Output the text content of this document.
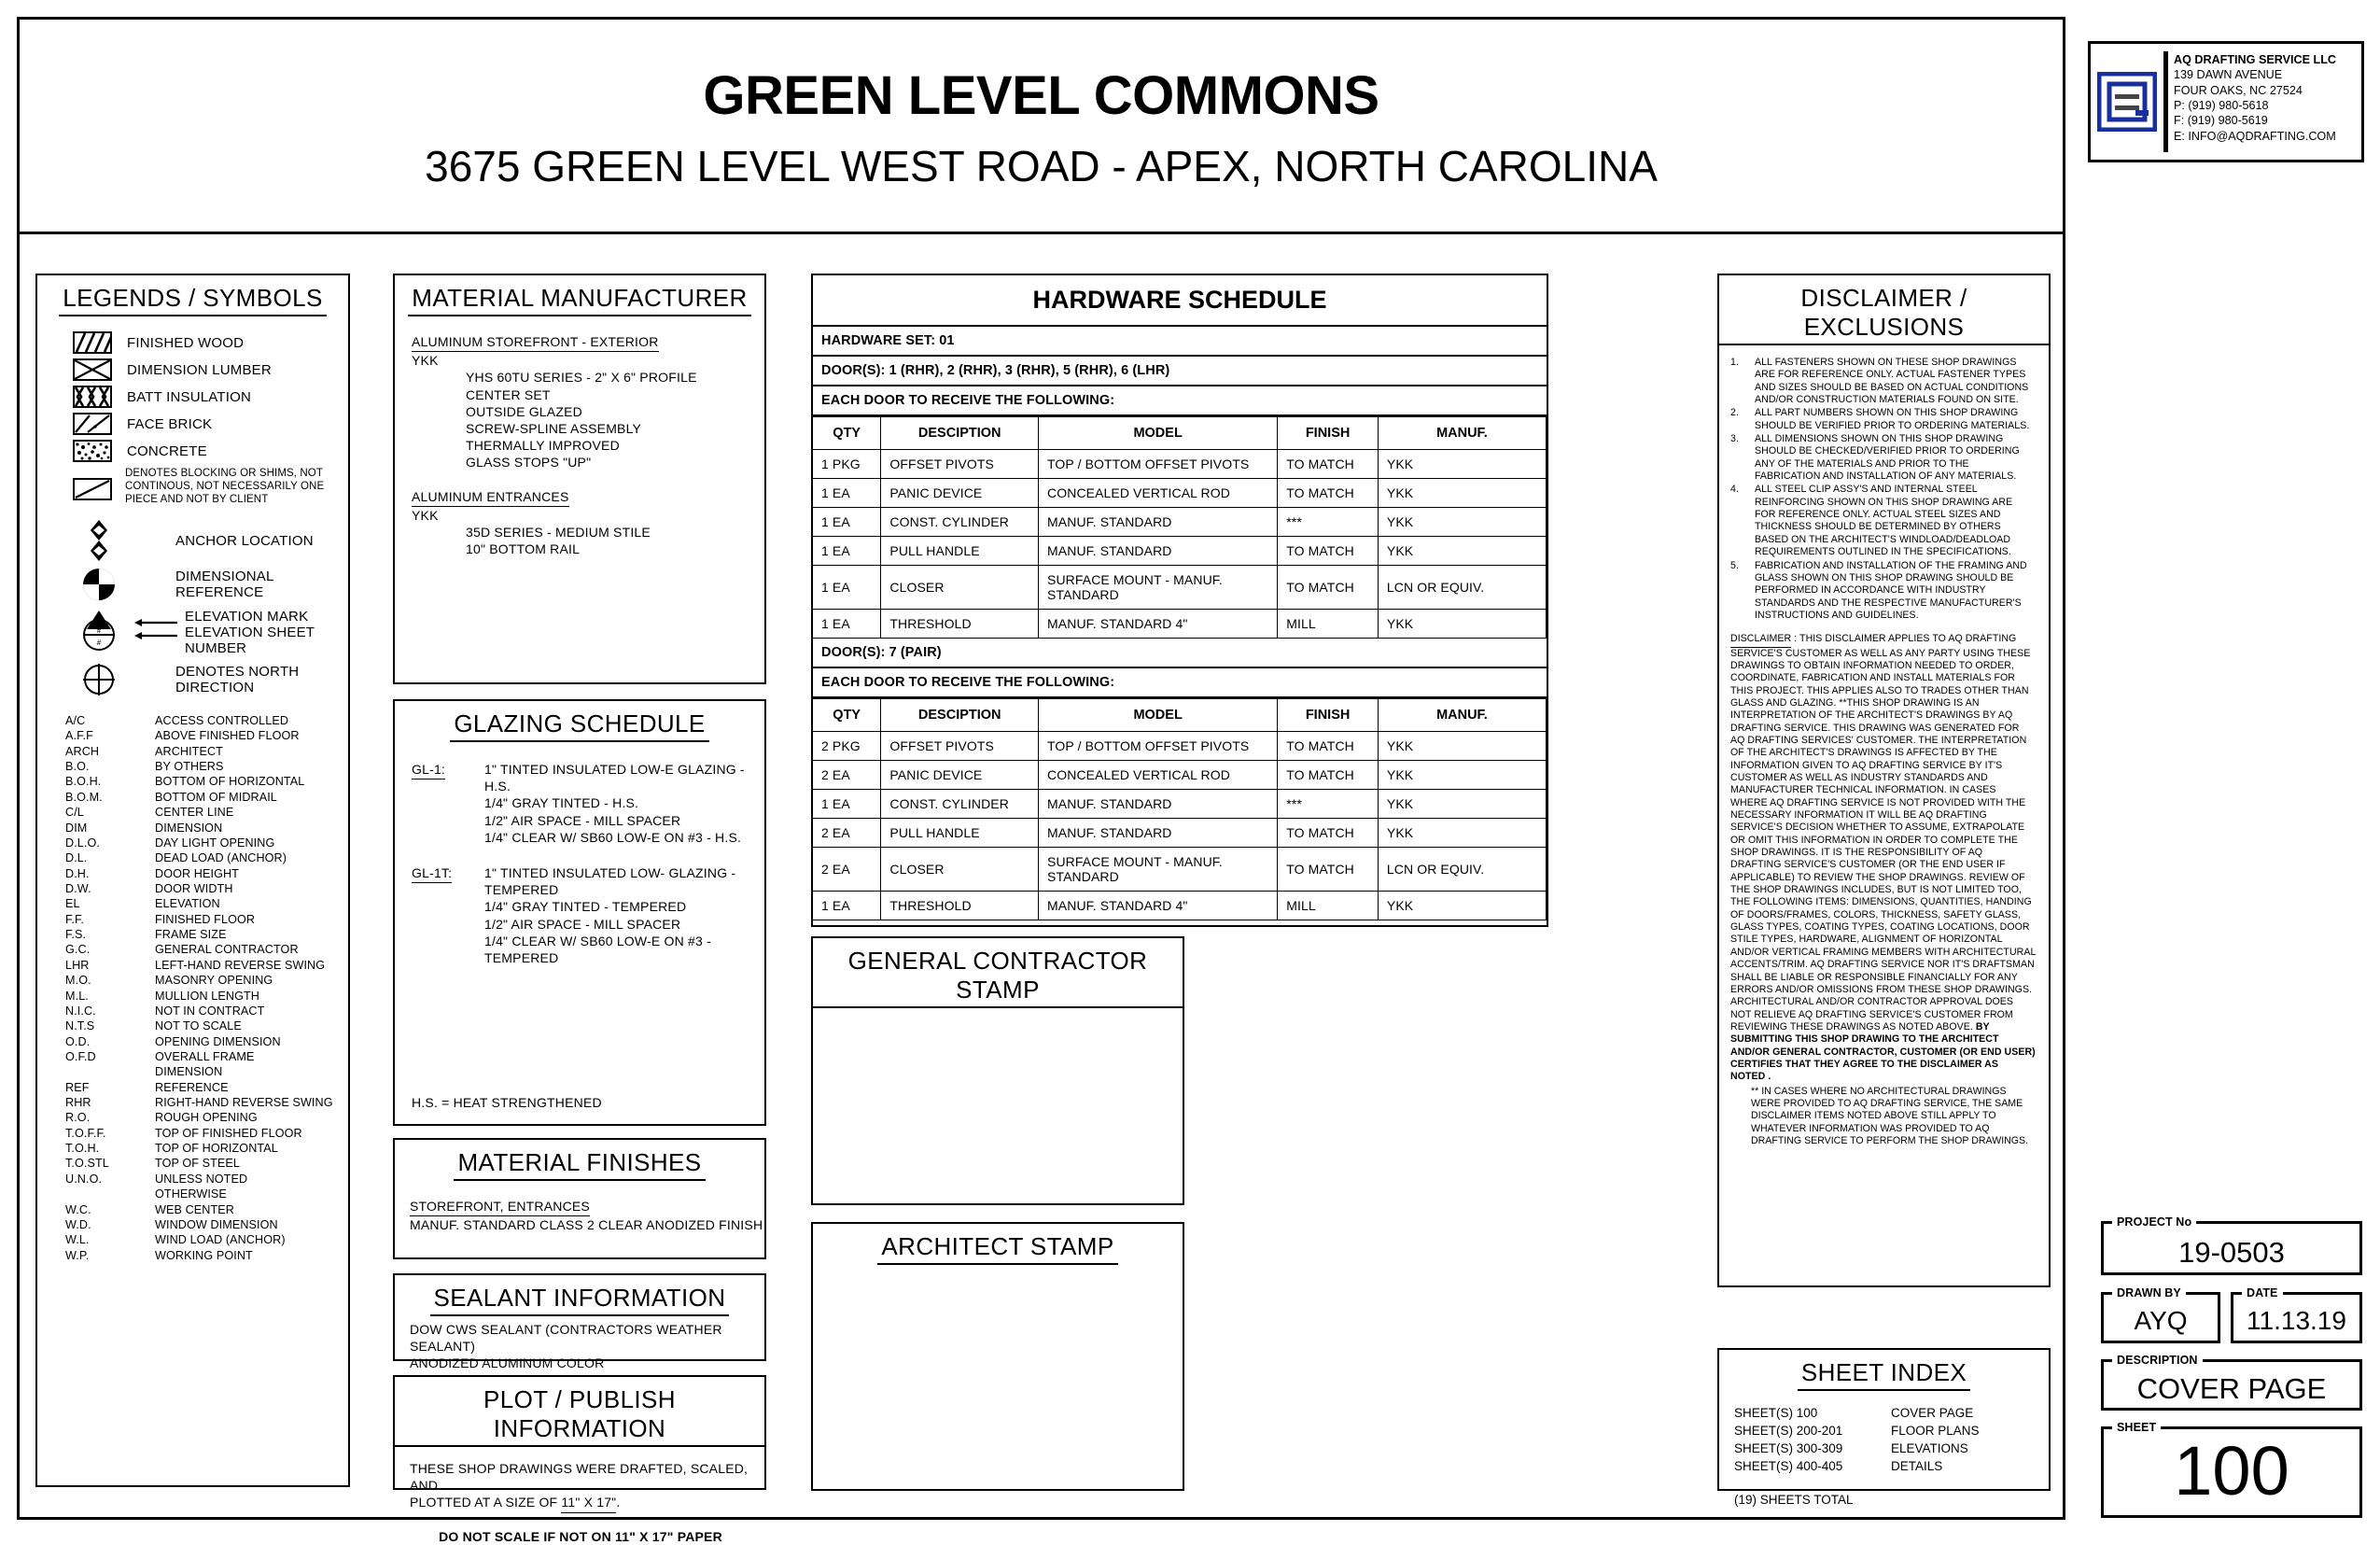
AQ DRAFTING SERVICE LLC
139 DAWN AVENUE
FOUR OAKS, NC 27524
P: (919) 980-5618
F: (919) 980-5619
E: INFO@AQDRAFTING.COM
GREEN LEVEL COMMONS
3675 GREEN LEVEL WEST ROAD - APEX, NORTH CAROLINA
LEGENDS / SYMBOLS
FINISHED WOOD
DIMENSION LUMBER
BATT INSULATION
FACE BRICK
CONCRETE
DENOTES BLOCKING OR SHIMS, NOT CONTINOUS, NOT NECESSARILY ONE PIECE AND NOT BY CLIENT
ANCHOR LOCATION
DIMENSIONAL REFERENCE
#
#
ELEVATION MARK
ELEVATION SHEET NUMBER
DENOTES NORTH DIRECTION
A/C	ACCESS CONTROLLED
A.F.F	ABOVE FINISHED FLOOR
ARCH	ARCHITECT
B.O.	BY OTHERS
B.O.H.	BOTTOM OF HORIZONTAL
B.O.M.	BOTTOM OF MIDRAIL
C/L	CENTER LINE
DIM	DIMENSION
D.L.O.	DAY LIGHT OPENING
D.L.	DEAD LOAD (ANCHOR)
D.H.	DOOR HEIGHT
D.W.	DOOR WIDTH
EL	ELEVATION
F.F.	FINISHED FLOOR
F.S.	FRAME SIZE
G.C.	GENERAL CONTRACTOR
LHR	LEFT-HAND REVERSE SWING
M.O.	MASONRY OPENING
M.L.	MULLION LENGTH
N.I.C.	NOT IN CONTRACT
N.T.S	NOT TO SCALE
O.D.	OPENING DIMENSION
O.F.D	OVERALL FRAME
DIMENSION
REF	REFERENCE
RHR	RIGHT-HAND REVERSE SWING
R.O.	ROUGH OPENING
T.O.F.F.	TOP OF FINISHED FLOOR
T.O.H.	TOP OF HORIZONTAL
T.O.STL	TOP OF STEEL
U.N.O.	UNLESS NOTED
OTHERWISE
W.C.	WEB CENTER
W.D.	WINDOW DIMENSION
W.L.	WIND LOAD (ANCHOR)
W.P.	WORKING POINT
MATERIAL MANUFACTURER
ALUMINUM STOREFRONT - EXTERIOR
YKK
YHS 60TU SERIES - 2" X 6" PROFILE
CENTER SET
OUTSIDE GLAZED
SCREW-SPLINE ASSEMBLY
THERMALLY IMPROVED
GLASS STOPS "UP"
ALUMINUM ENTRANCES
YKK
35D SERIES - MEDIUM STILE
10" BOTTOM RAIL
GLAZING SCHEDULE
GL-1:	1" TINTED INSULATED LOW-E GLAZING - H.S.
1/4" GRAY TINTED - H.S.
1/2" AIR SPACE - MILL SPACER
1/4" CLEAR W/ SB60 LOW-E ON #3 - H.S.
GL-1T:	1" TINTED INSULATED LOW- GLAZING - TEMPERED
1/4" GRAY TINTED - TEMPERED
1/2" AIR SPACE - MILL SPACER
1/4" CLEAR W/ SB60 LOW-E ON #3 -TEMPERED
H.S. = HEAT STRENGTHENED
MATERIAL FINISHES
STOREFRONT, ENTRANCES
MANUF. STANDARD CLASS 2 CLEAR ANODIZED FINISH
SEALANT INFORMATION
DOW CWS SEALANT (CONTRACTORS WEATHER SEALANT)
ANODIZED ALUMINUM COLOR
PLOT / PUBLISH INFORMATION
THESE SHOP DRAWINGS WERE DRAFTED, SCALED, AND
PLOTTED AT A SIZE OF 11" X 17".
DO NOT SCALE IF NOT ON 11" X 17" PAPER
HARDWARE SCHEDULE
HARDWARE SET: 01
DOOR(S): 1 (RHR), 2 (RHR), 3 (RHR), 5 (RHR), 6 (LHR)
EACH DOOR TO RECEIVE THE FOLLOWING:
QTY	DESCIPTION	MODEL	FINISH	MANUF.
1 PKG	OFFSET PIVOTS	TOP / BOTTOM OFFSET PIVOTS	TO MATCH	YKK
1 EA	PANIC DEVICE	CONCEALED VERTICAL ROD	TO MATCH	YKK
1 EA	CONST. CYLINDER	MANUF. STANDARD	***	YKK
1 EA	PULL HANDLE	MANUF. STANDARD	TO MATCH	YKK
1 EA	CLOSER	SURFACE MOUNT - MANUF. STANDARD	TO MATCH	LCN OR EQUIV.
1 EA	THRESHOLD	MANUF. STANDARD 4"	MILL	YKK
DOOR(S): 7 (PAIR)
EACH DOOR TO RECEIVE THE FOLLOWING:
QTY	DESCIPTION	MODEL	FINISH	MANUF.
2 PKG	OFFSET PIVOTS	TOP / BOTTOM OFFSET PIVOTS	TO MATCH	YKK
2 EA	PANIC DEVICE	CONCEALED VERTICAL ROD	TO MATCH	YKK
1 EA	CONST. CYLINDER	MANUF. STANDARD	***	YKK
2 EA	PULL HANDLE	MANUF. STANDARD	TO MATCH	YKK
2 EA	CLOSER	SURFACE MOUNT - MANUF. STANDARD	TO MATCH	LCN OR EQUIV.
1 EA	THRESHOLD	MANUF. STANDARD 4"	MILL	YKK
GENERAL CONTRACTOR STAMP
ARCHITECT STAMP
DISCLAIMER / EXCLUSIONS
1.	ALL FASTENERS SHOWN ON THESE SHOP DRAWINGS ARE FOR REFERENCE ONLY. ACTUAL FASTENER TYPES AND SIZES SHOULD BE BASED ON ACTUAL CONDITIONS AND/OR CONSTRUCTION MATERIALS FOUND ON SITE.
2.	ALL PART NUMBERS SHOWN ON THIS SHOP DRAWING SHOULD BE VERIFIED PRIOR TO ORDERING MATERIALS.
3.	ALL DIMENSIONS SHOWN ON THIS SHOP DRAWING SHOULD BE CHECKED/VERIFIED PRIOR TO ORDERING ANY OF THE MATERIALS AND PRIOR TO THE FABRICATION AND INSTALLATION OF ANY MATERIALS.
4.	ALL STEEL CLIP ASSY'S AND INTERNAL STEEL REINFORCING SHOWN ON THIS SHOP DRAWING ARE FOR REFERENCE ONLY. ACTUAL STEEL SIZES AND THICKNESS SHOULD BE DETERMINED BY OTHERS BASED ON THE ARCHITECT'S WINDLOAD/DEADLOAD REQUIREMENTS OUTLINED IN THE SPECIFICATIONS.
5.	FABRICATION AND INSTALLATION OF THE FRAMING AND GLASS SHOWN ON THIS SHOP DRAWING SHOULD BE PERFORMED IN ACCORDANCE WITH INDUSTRY STANDARDS AND THE RESPECTIVE MANUFACTURER'S INSTRUCTIONS AND GUIDELINES.
DISCLAIMER : THIS DISCLAIMER APPLIES TO AQ DRAFTING SERVICE'S CUSTOMER AS WELL AS ANY PARTY USING THESE DRAWINGS TO OBTAIN INFORMATION NEEDED TO ORDER, COORDINATE, FABRICATION AND INSTALL MATERIALS FOR THIS PROJECT. THIS APPLIES ALSO TO TRADES OTHER THAN GLASS AND GLAZING. **THIS SHOP DRAWING IS AN INTERPRETATION OF THE ARCHITECT'S DRAWINGS BY AQ DRAFTING SERVICE. THIS DRAWING WAS GENERATED FOR AQ DRAFTING SERVICES' CUSTOMER. THE INTERPRETATION OF THE ARCHITECT'S DRAWINGS IS AFFECTED BY THE INFORMATION GIVEN TO AQ DRAFTING SERVICE BY IT'S CUSTOMER AS WELL AS INDUSTRY STANDARDS AND MANUFACTURER TECHNICAL INFORMATION. IN CASES WHERE AQ DRAFTING SERVICE IS NOT PROVIDED WITH THE NECESSARY INFORMATION IT WILL BE AQ DRAFTING SERVICE'S DECISION WHETHER TO ASSUME, EXTRAPOLATE OR OMIT THIS INFORMATION IN ORDER TO COMPLETE THE SHOP DRAWINGS. IT IS THE RESPONSIBILITY OF AQ DRAFTING SERVICE'S CUSTOMER (OR THE END USER IF APPLICABLE) TO REVIEW THE SHOP DRAWINGS. REVIEW OF THE SHOP DRAWINGS INCLUDES, BUT IS NOT LIMITED TOO, THE FOLLOWING ITEMS: DIMENSIONS, QUANTITIES, HANDING OF DOORS/FRAMES, COLORS, THICKNESS, SAFETY GLASS, GLASS TYPES, COATING TYPES, COATING LOCATIONS, DOOR STILE TYPES, HARDWARE, ALIGNMENT OF HORIZONTAL AND/OR VERTICAL FRAMING MEMBERS WITH ARCHITECTURAL ACCENTS/TRIM. AQ DRAFTING SERVICE NOR IT'S DRAFTSMAN SHALL BE LIABLE OR RESPONSIBLE FINANCIALLY FOR ANY ERRORS AND/OR OMISSIONS FROM THESE SHOP DRAWINGS. ARCHITECTURAL AND/OR CONTRACTOR APPROVAL DOES NOT RELIEVE AQ DRAFTING SERVICE'S CUSTOMER FROM REVIEWING THESE DRAWINGS AS NOTED ABOVE. BY SUBMITTING THIS SHOP DRAWING TO THE ARCHITECT AND/OR GENERAL CONTRACTOR, CUSTOMER (OR END USER) CERTIFIES THAT THEY AGREE TO THE DISCLAIMER AS NOTED .
** IN CASES WHERE NO ARCHITECTURAL DRAWINGS WERE PROVIDED TO AQ DRAFTING SERVICE, THE SAME DISCLAIMER ITEMS NOTED ABOVE STILL APPLY TO WHATEVER INFORMATION WAS PROVIDED TO AQ DRAFTING SERVICE TO PERFORM THE SHOP DRAWINGS.
SHEET INDEX
SHEET(S) 100	COVER PAGE
SHEET(S) 200-201	FLOOR PLANS
SHEET(S) 300-309	ELEVATIONS
SHEET(S) 400-405	DETAILS
(19) SHEETS TOTAL
PROJECT No
19-0503
DRAWN BY
AYQ
DATE
11.13.19
DESCRIPTION
COVER PAGE
SHEET
100
